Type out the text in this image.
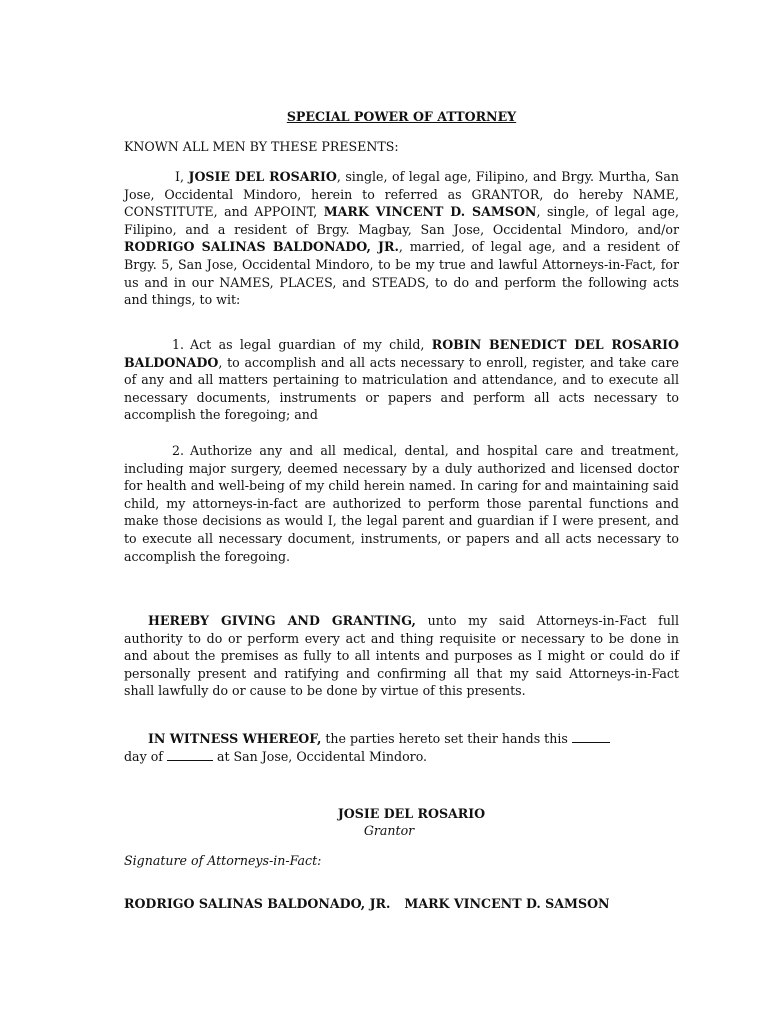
SPECIAL POWER OF ATTORNEY

KNOWN ALL MEN BY THESE PRESENTS:

I, JOSIE DEL ROSARIO, single, of legal age, Filipino, and Brgy. Murtha, San Jose, Occidental Mindoro, herein to referred as GRANTOR, do hereby NAME, CONSTITUTE, and APPOINT, MARK VINCENT D. SAMSON, single, of legal age, Filipino, and a resident of Brgy. Magbay, San Jose, Occidental Mindoro, and/or RODRIGO SALINAS BALDONADO, JR., married, of legal age, and a resident of Brgy. 5, San Jose, Occidental Mindoro, to be my true and lawful Attorneys-in-Fact, for us and in our NAMES, PLACES, and STEADS, to do and perform the following acts and things, to wit:

1. Act as legal guardian of my child, ROBIN BENEDICT DEL ROSARIO BALDONADO, to accomplish and all acts necessary to enroll, register, and take care of any and all matters pertaining to matriculation and attendance, and to execute all necessary documents, instruments or papers and perform all acts necessary to accomplish the foregoing; and

2. Authorize any and all medical, dental, and hospital care and treatment, including major surgery, deemed necessary by a duly authorized and licensed doctor for health and well-being of my child herein named. In caring for and maintaining said child, my attorneys-in-fact are authorized to perform those parental functions and make those decisions as would I, the legal parent and guardian if I were present, and to execute all necessary document, instruments, or papers and all acts necessary to accomplish the foregoing.

HEREBY GIVING AND GRANTING, unto my said Attorneys-in-Fact full authority to do or perform every act and thing requisite or necessary to be done in and about the premises as fully to all intents and purposes as I might or could do if personally present and ratifying and confirming all that my said Attorneys-in-Fact shall lawfully do or cause to be done by virtue of this presents.

IN WITNESS WHEREOF, the parties hereto set their hands this
day of	at San Jose, Occidental Mindoro.

JOSIE DEL ROSARIO

Grantor

Signature of Attorneys-in-Fact:

RODRIGO SALINAS BALDONADO, JR. MARK VINCENT D. SAMSON
